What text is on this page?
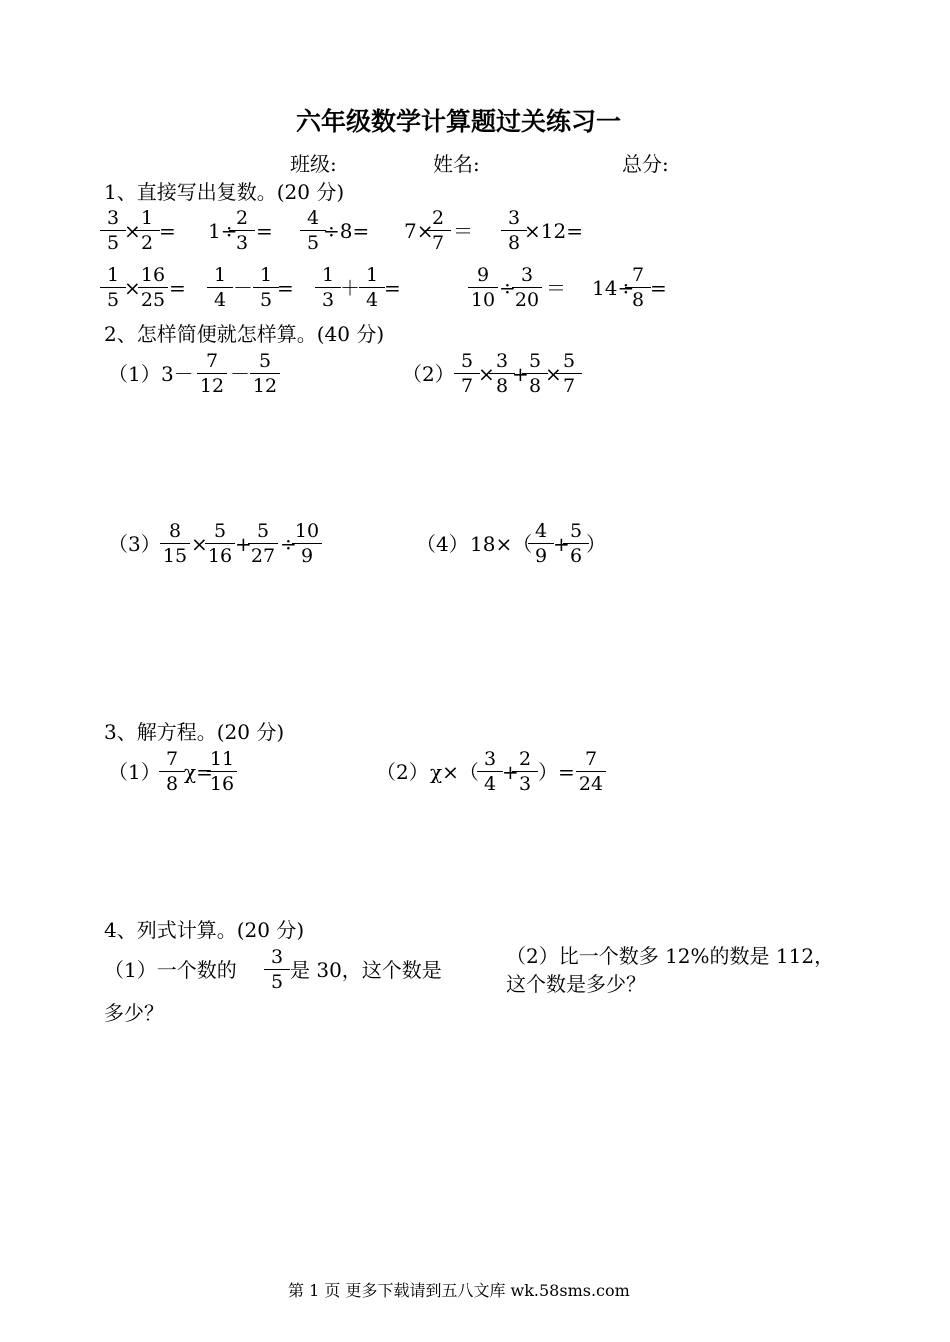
六年级数学计算题过关练习一
班级:	姓名:	总分:
1、直接写出复数。(20 分)
$\frac{3}{5}$
×
$\frac{1}{2} = 1\div$
$\frac{2}{3} = \frac{4}{5}$
÷8= 7×
$\frac{2}{7} = \frac{3}{8}$
×12=
$\frac{1}{5}$
×
$\frac{16}{25} = \frac{1}{4} - \frac{1}{5}$
= $\frac{1}{3} + \frac{1}{4}$ =	$\frac{9}{10}$ ÷
$\frac{3}{20} = 14\div$
$\frac{7}{8}$ =
2、怎样简便就怎样算。(40 分)
（1） $3- \frac{7}{12} - \frac{5}{12}$	$(2) \frac{5}{7}$
×
$\frac{3}{8}$
+
$\frac{5}{8}$
×
$\frac{5}{7}$
$(3) \frac{8}{15}$ ×
$\frac{5}{16}$ +
$\frac{5}{27}$ ÷
$\frac{10}{9}$	（4） 18×（
$\frac{4}{9}$ +
$\frac{5}{6}$
）
3、解方程。(20 分)
（1）
$\frac{7}{8} \chi=$
$\frac{11}{16}$	（2） χ×（
$\frac{3}{4}$ +
$\frac{2}{3}$ ）= $\frac{7}{24}$
4、列式计算。(20 分)
（1）一个数的 $\frac{3}{5}$ 是 30，这个数是
多少？
（2）比一个数多 12%的数是 112，
这个数是多少？
第 1 页 更多下载请到五八文库 wk.58sms.com
